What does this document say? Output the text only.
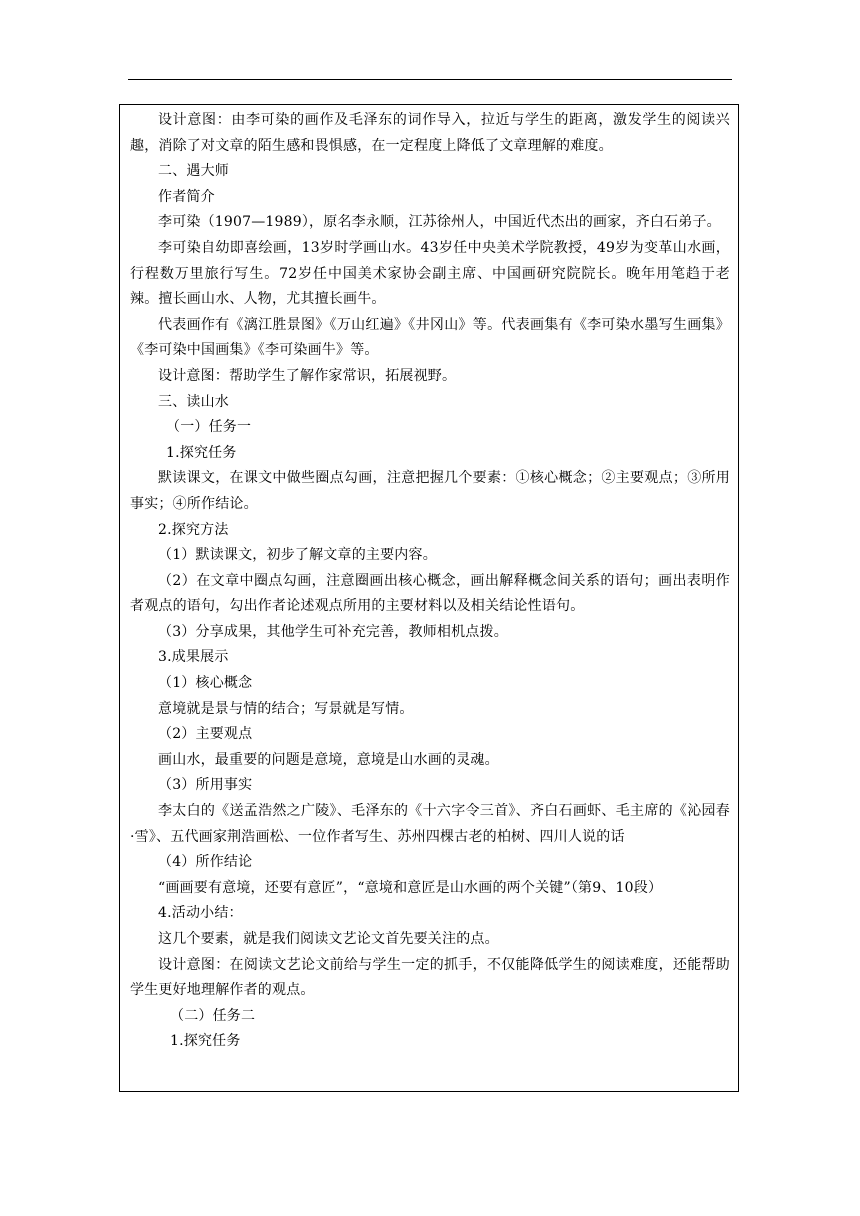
设计意图：由李可染的画作及毛泽东的词作导入，拉近与学生的距离，激发学生的阅读兴趣，消除了对文章的陌生感和畏惧感，在一定程度上降低了文章理解的难度。

二、遇大师

作者简介

李可染（1907—1989），原名李永顺，江苏徐州人，中国近代杰出的画家，齐白石弟子。

李可染自幼即喜绘画，13岁时学画山水。43岁任中央美术学院教授，49岁为变革山水画，行程数万里旅行写生。72岁任中国美术家协会副主席、中国画研究院院长。晚年用笔趋于老辣。擅长画山水、人物，尤其擅长画牛。

代表画作有《漓江胜景图》《万山红遍》《井冈山》等。代表画集有《李可染水墨写生画集》《李可染中国画集》《李可染画牛》等。

设计意图：帮助学生了解作家常识，拓展视野。

三、读山水

（一）任务一

1.探究任务

默读课文，在课文中做些圈点勾画，注意把握几个要素：①核心概念；②主要观点；③所用事实；④所作结论。

2.探究方法

（1）默读课文，初步了解文章的主要内容。

（2）在文章中圈点勾画，注意圈画出核心概念，画出解释概念间关系的语句；画出表明作者观点的语句，勾出作者论述观点所用的主要材料以及相关结论性语句。

（3）分享成果，其他学生可补充完善，教师相机点拨。

3.成果展示

（1）核心概念

意境就是景与情的结合；写景就是写情。

（2）主要观点

画山水，最重要的问题是意境，意境是山水画的灵魂。

（3）所用事实

李太白的《送孟浩然之广陵》、毛泽东的《十六字令三首》、齐白石画虾、毛主席的《沁园春·雪》、五代画家荆浩画松、一位作者写生、苏州四棵古老的柏树、四川人说的话

（4）所作结论

“画画要有意境，还要有意匠”，“意境和意匠是山水画的两个关键”（第9、10段）

4.活动小结：

这几个要素，就是我们阅读文艺论文首先要关注的点。

设计意图：在阅读文艺论文前给与学生一定的抓手，不仅能降低学生的阅读难度，还能帮助学生更好地理解作者的观点。

（二）任务二

1.探究任务
